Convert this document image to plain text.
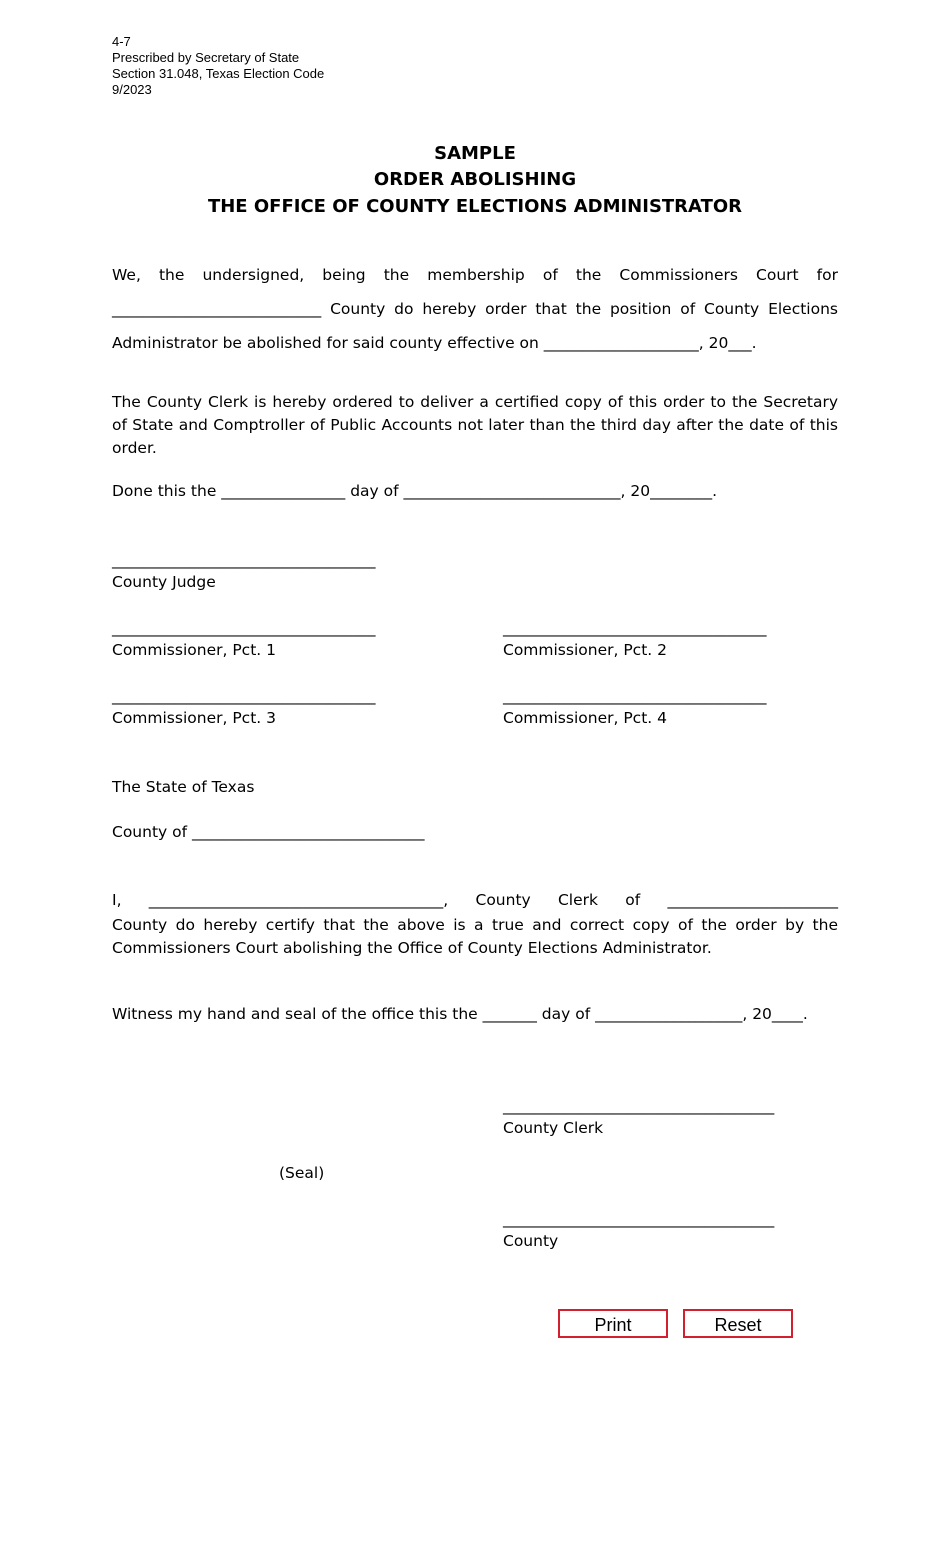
4-7
Prescribed by Secretary of State
Section 31.048, Texas Election Code
9/2023
SAMPLE
ORDER ABOLISHING
THE OFFICE OF COUNTY ELECTIONS ADMINISTRATOR
We, the undersigned, being the membership of the Commissioners Court for
___________________________ County do hereby order that the position of County Elections
Administrator be abolished for said county effective on ____________________, 20___.
The County Clerk is hereby ordered to deliver a certified copy of this order to the Secretary of State and Comptroller of Public Accounts not later than the third day after the date of this order.
Done this the ________________ day of ____________________________, 20________.
__________________________________
County Judge
__________________________________
Commissioner, Pct. 1
__________________________________
Commissioner, Pct. 2
__________________________________
Commissioner, Pct. 3
__________________________________
Commissioner, Pct. 4
The State of Texas
County of ______________________________
I, ______________________________________, County Clerk of ______________________
County do hereby certify that the above is a true and correct copy of the order by the Commissioners Court abolishing the Office of County Elections Administrator.
Witness my hand and seal of the office this the _______ day of ___________________, 20____.
___________________________________
County Clerk
(Seal)
___________________________________
County
Print	Reset
